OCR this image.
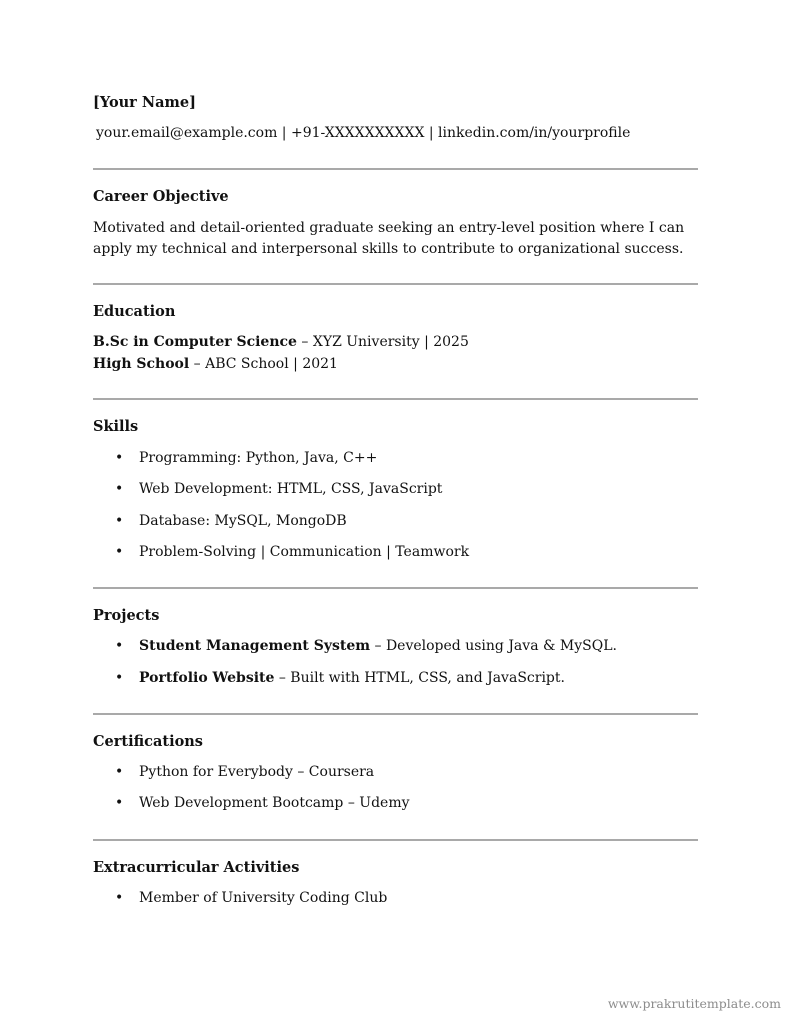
[Your Name]
your.email@example.com | +91-XXXXXXXXXX | linkedin.com/in/yourprofile
Career Objective
Motivated and detail-oriented graduate seeking an entry-level position where I can apply my technical and interpersonal skills to contribute to organizational success.
Education
B.Sc in Computer Science – XYZ University | 2025
High School – ABC School | 2021
Skills
• Programming: Python, Java, C++
• Web Development: HTML, CSS, JavaScript
• Database: MySQL, MongoDB
• Problem-Solving | Communication | Teamwork
Projects
• Student Management System – Developed using Java & MySQL.
• Portfolio Website – Built with HTML, CSS, and JavaScript.
Certifications
• Python for Everybody – Coursera
• Web Development Bootcamp – Udemy
Extracurricular Activities
• Member of University Coding Club
www.prakrutitemplate.com
